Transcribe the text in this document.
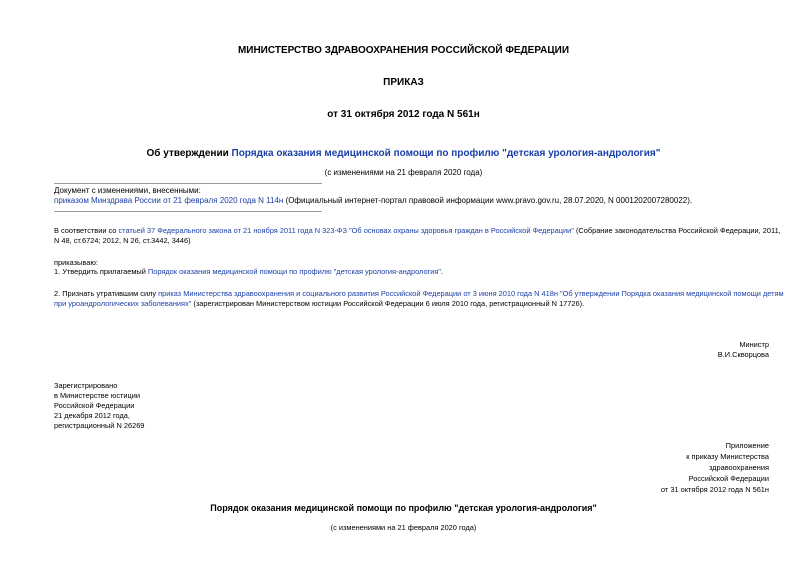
МИНИСТЕРСТВО ЗДРАВООХРАНЕНИЯ РОССИЙСКОЙ ФЕДЕРАЦИИ
ПРИКАЗ
от 31 октября 2012 года N 561н
Об утверждении Порядка оказания медицинской помощи по профилю "детская урология-андрология"
(с изменениями на 21 февраля 2020 года)
Документ с изменениями, внесенными:
приказом Минздрава России от 21 февраля 2020 года N 114н (Официальный интернет-портал правовой информации www.pravo.gov.ru, 28.07.2020, N 0001202007280022).
В соответствии со статьей 37 Федерального закона от 21 ноября 2011 года N 323-ФЗ "Об основах охраны здоровья граждан в Российской Федерации" (Собрание законодательства Российской Федерации, 2011,
N 48, ст.6724; 2012, N 26, ст.3442, 3446)
приказываю:
1. Утвердить прилагаемый Порядок оказания медицинской помощи по профилю "детская урология-андрология".
2. Признать утратившим силу приказ Министерства здравоохранения и социального развития Российской Федерации от 3 июня 2010 года N 418н "Об утверждении Порядка оказания медицинской помощи детям
при уроандрологических заболеваниях" (зарегистрирован Министерством юстиции Российской Федерации 6 июля 2010 года, регистрационный N 17726).
Министр
В.И.Скворцова
Зарегистрировано
в Министерстве юстиции
Российской Федерации
21 декабря 2012 года,
регистрационный N 26269
Приложение
к приказу Министерства
здравоохранения
Российской Федерации
от 31 октября 2012 года N 561н
Порядок оказания медицинской помощи по профилю "детская урология-андрология"
(с изменениями на 21 февраля 2020 года)
